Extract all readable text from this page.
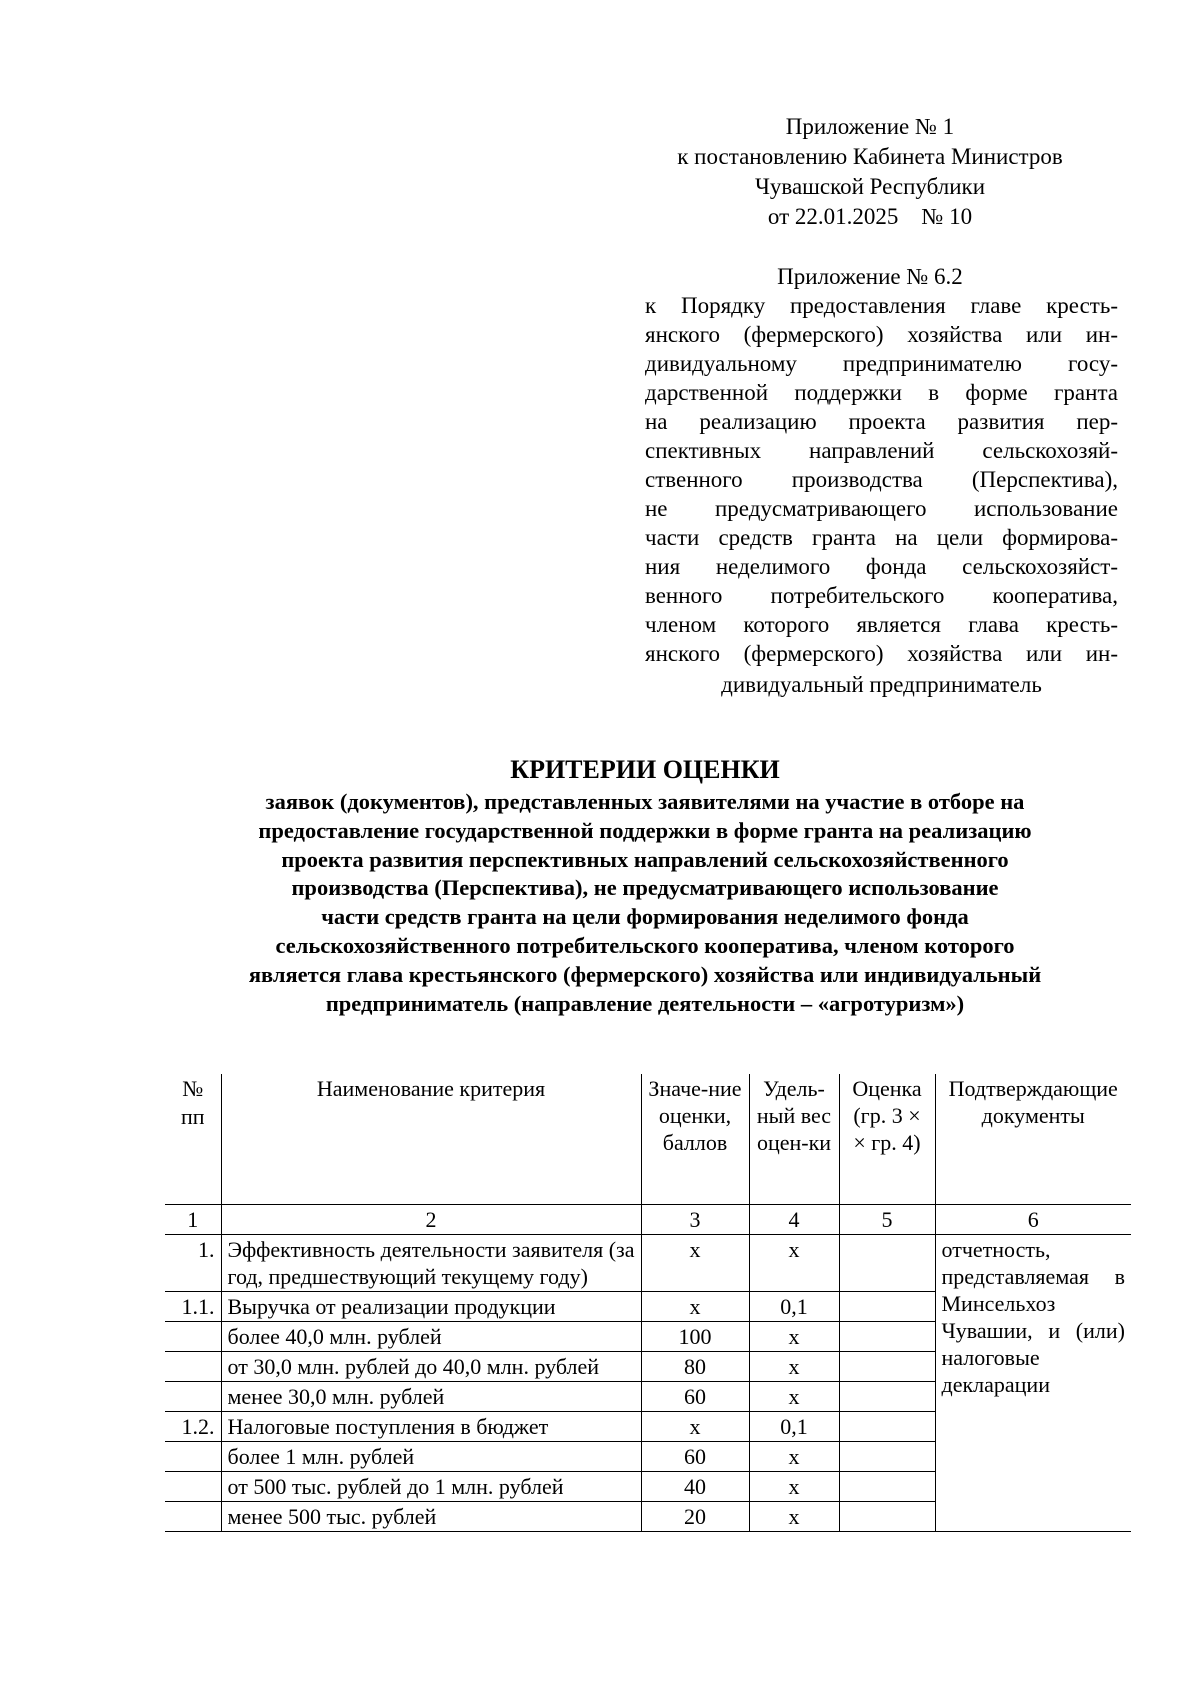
Приложение № 1
к постановлению Кабинета Министров
Чувашской Республики
от 22.01.2025    № 10
Приложение № 6.2
к Порядку предоставления главе кресть-
янского (фермерского) хозяйства или ин-
дивидуальному предпринимателю госу-
дарственной поддержки в форме гранта
на реализацию проекта развития пер-
спективных направлений сельскохозяй-
ственного производства (Перспектива),
не предусматривающего использование
части средств гранта на цели формирова-
ния неделимого фонда сельскохозяйст-
венного потребительского кооператива,
членом которого является глава кресть-
янского (фермерского) хозяйства или ин-
дивидуальный предприниматель
КРИТЕРИИ ОЦЕНКИ
заявок (документов), представленных заявителями на участие в отборе на
предоставление государственной поддержки в форме гранта на реализацию
проекта развития перспективных направлений сельскохозяйственного
производства (Перспектива), не предусматривающего использование
части средств гранта на цели формирования неделимого фонда
сельскохозяйственного потребительского кооператива, членом которого
является глава крестьянского (фермерского) хозяйства или индивидуальный
предприниматель (направление деятельности – «агротуризм»)
№ пп	Наименование критерия	Значе-ние оценки, баллов	Удель-ный вес оцен-ки	Оценка (гр. 3 × × гр. 4)	Подтверждающие документы
1	2	3	4	5	6
1.	Эффективность деятельности заявителя (за год, предшествующий текущему году)	х	х		отчетность, представляемая в Минсельхоз Чувашии, и (или) налоговые декларации
1.1.	Выручка от реализации продукции	х	0,1		
	более 40,0 млн. рублей	100	х		
	от 30,0 млн. рублей до 40,0 млн. рублей	80	х		
	менее 30,0 млн. рублей	60	х		
1.2.	Налоговые поступления в бюджет	х	0,1		
	более 1 млн. рублей	60	х		
	от 500 тыс. рублей до 1 млн. рублей	40	х		
	менее 500 тыс. рублей	20	х		
